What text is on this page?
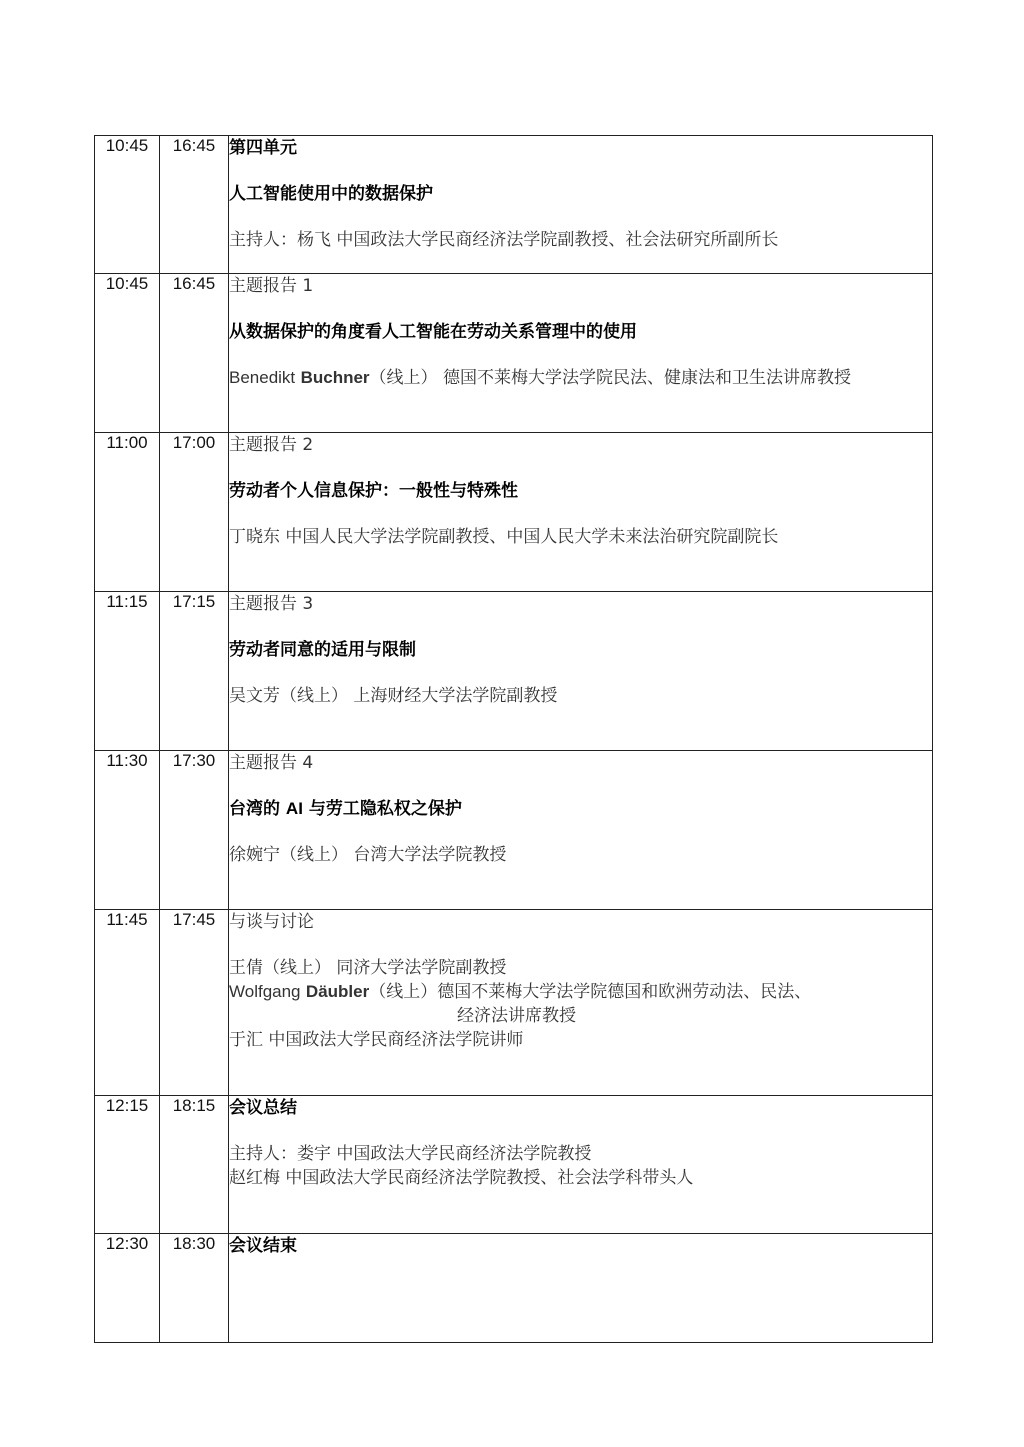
10:45	16:45	第四单元
人工智能使用中的数据保护
主持人：杨飞 中国政法大学民商经济法学院副教授、社会法研究所副所长

10:45	16:45	主题报告 1
从数据保护的角度看人工智能在劳动关系管理中的使用
Benedikt Buchner（线上） 德国不莱梅大学法学院民法、健康法和卫生法讲席教授

11:00	17:00	主题报告 2
劳动者个人信息保护：一般性与特殊性
丁晓东 中国人民大学法学院副教授、中国人民大学未来法治研究院副院长

11:15	17:15	主题报告 3
劳动者同意的适用与限制
吴文芳（线上） 上海财经大学法学院副教授

11:30	17:30	主题报告 4
台湾的 AI 与劳工隐私权之保护
徐婉宁（线上） 台湾大学法学院教授

11:45	17:45	与谈与讨论
王倩（线上） 同济大学法学院副教授
Wolfgang Däubler（线上）德国不莱梅大学法学院德国和欧洲劳动法、民法、
经济法讲席教授
于汇 中国政法大学民商经济法学院讲师

12:15	18:15	会议总结
主持人：娄宇 中国政法大学民商经济法学院教授
赵红梅 中国政法大学民商经济法学院教授、社会法学科带头人

12:30	18:30	会议结束
